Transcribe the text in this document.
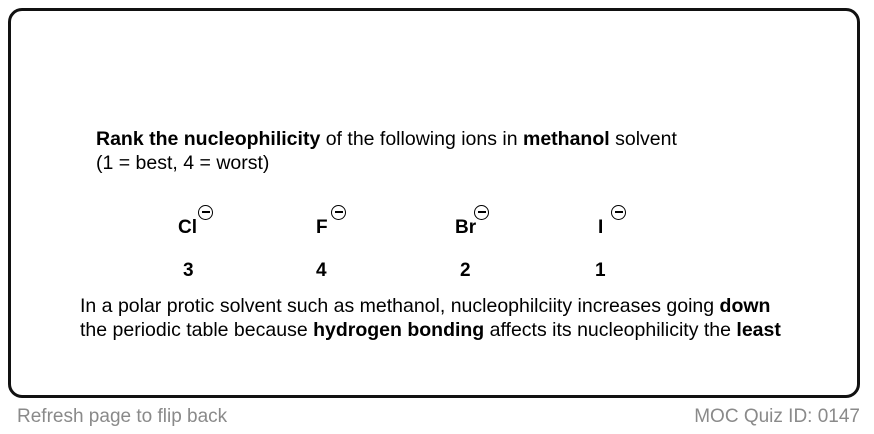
Rank the nucleophilicity of the following ions in methanol solvent
(1 = best, 4 = worst)
Cl
3
F
4
Br
2
I
1
In a polar protic solvent such as methanol, nucleophilciity increases going down the periodic table because hydrogen bonding affects its nucleophilicity the least
Refresh page to flip back	MOC Quiz ID: 0147
